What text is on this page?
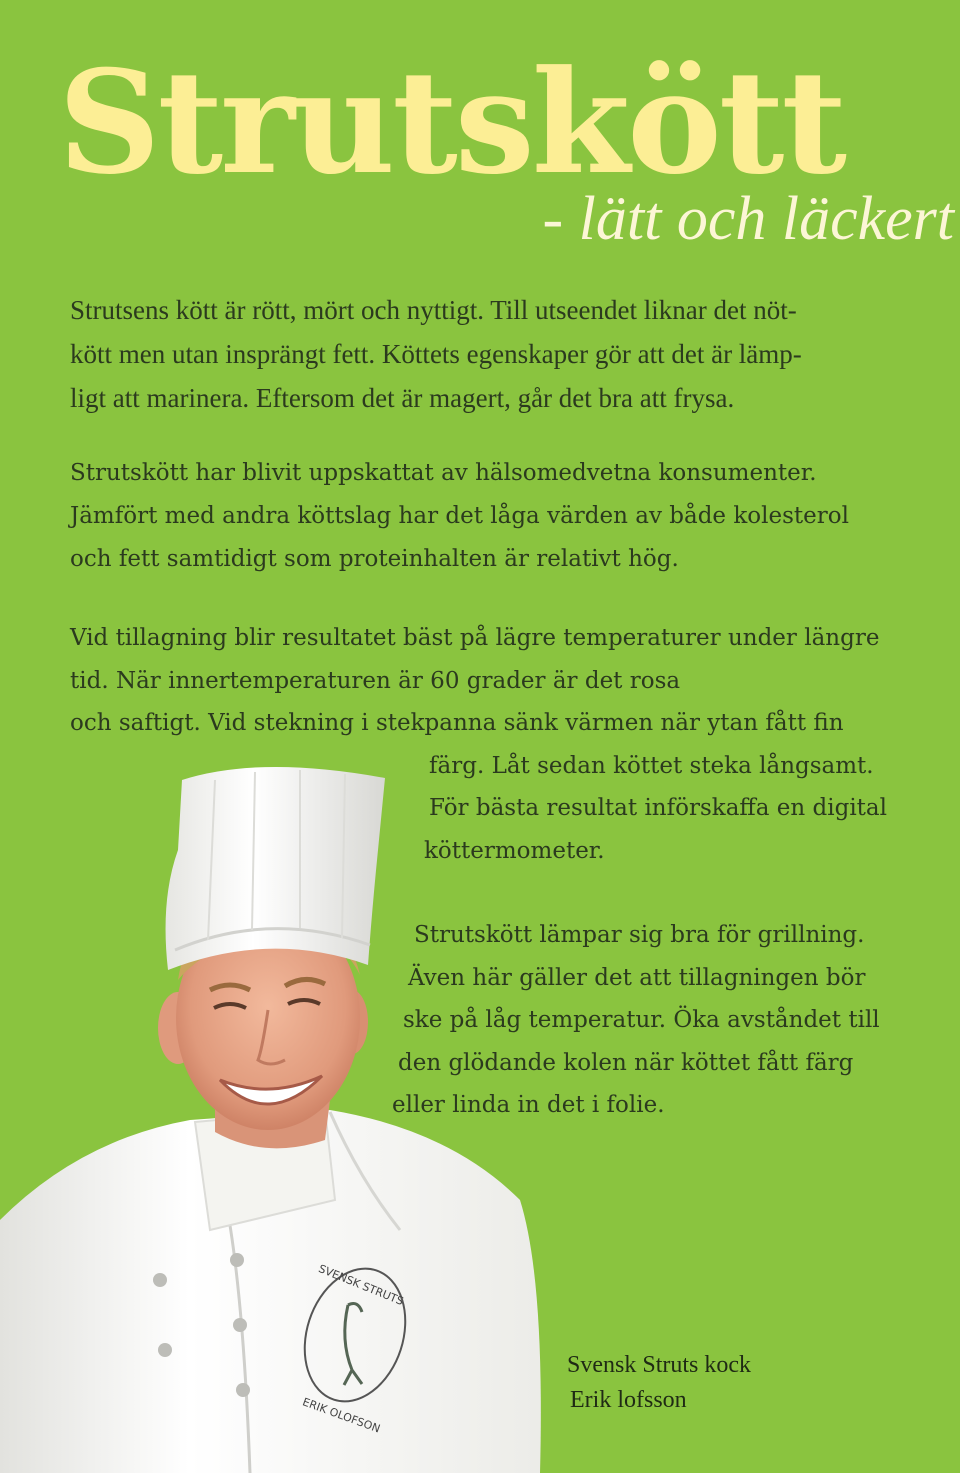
Strutskött
- lätt och läckert
Strutsens kött är rött, mört och nyttigt. Till utseendet liknar det nöt-
kött men utan insprängt fett. Köttets egenskaper gör att det är lämp-
ligt att marinera. Eftersom det är magert, går det bra att frysa.
Strutskött har blivit uppskattat av hälsomedvetna konsumenter.
Jämfört med andra köttslag har det låga värden av både kolesterol
och fett samtidigt som proteinhalten är relativt hög.
SVENSK STRUTS
ERIK OLOFSON
Vid tillagning blir resultatet bäst på lägre temperaturer under längre
tid. När innertemperaturen är 60 grader är det rosa
och saftigt. Vid stekning i stekpanna sänk värmen när ytan fått fin
färg. Låt sedan köttet steka långsamt.
För bästa resultat införskaffa en digital
köttermometer.
Strutskött lämpar sig bra för grillning.
Även här gäller det att tillagningen bör
ske på låg temperatur. Öka avståndet till
den glödande kolen när köttet fått färg
eller linda in det i folie.
Svensk Struts kock
Erik lofsson
